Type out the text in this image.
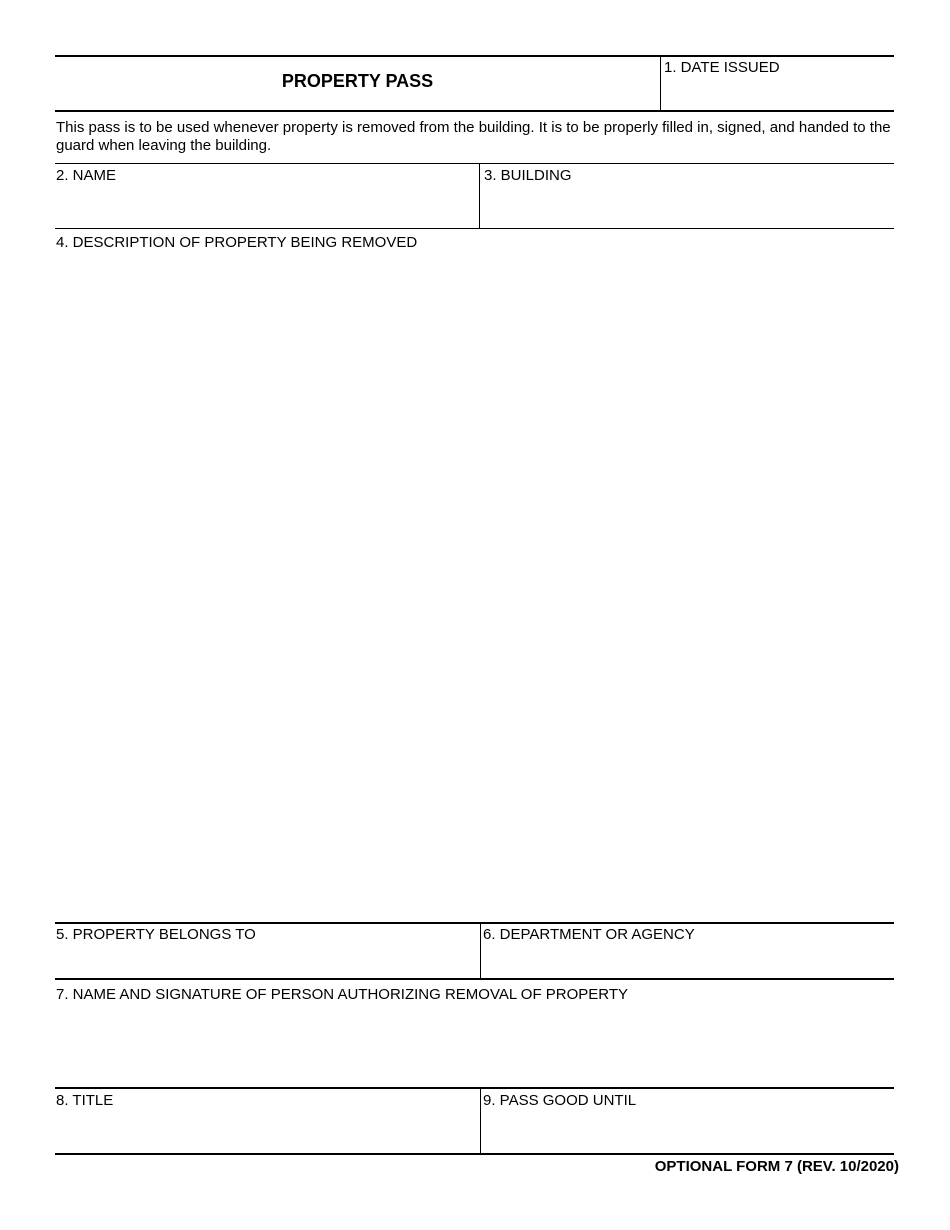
PROPERTY PASS
1. DATE ISSUED
This pass is to be used whenever property is removed from the building. It is to be properly filled in, signed, and handed to the guard when leaving the building.
2. NAME	3. BUILDING
4. DESCRIPTION OF PROPERTY BEING REMOVED
5. PROPERTY BELONGS TO	6. DEPARTMENT OR AGENCY
7. NAME AND SIGNATURE OF PERSON AUTHORIZING REMOVAL OF PROPERTY
8. TITLE	9. PASS GOOD UNTIL
OPTIONAL FORM 7 (REV. 10/2020)
